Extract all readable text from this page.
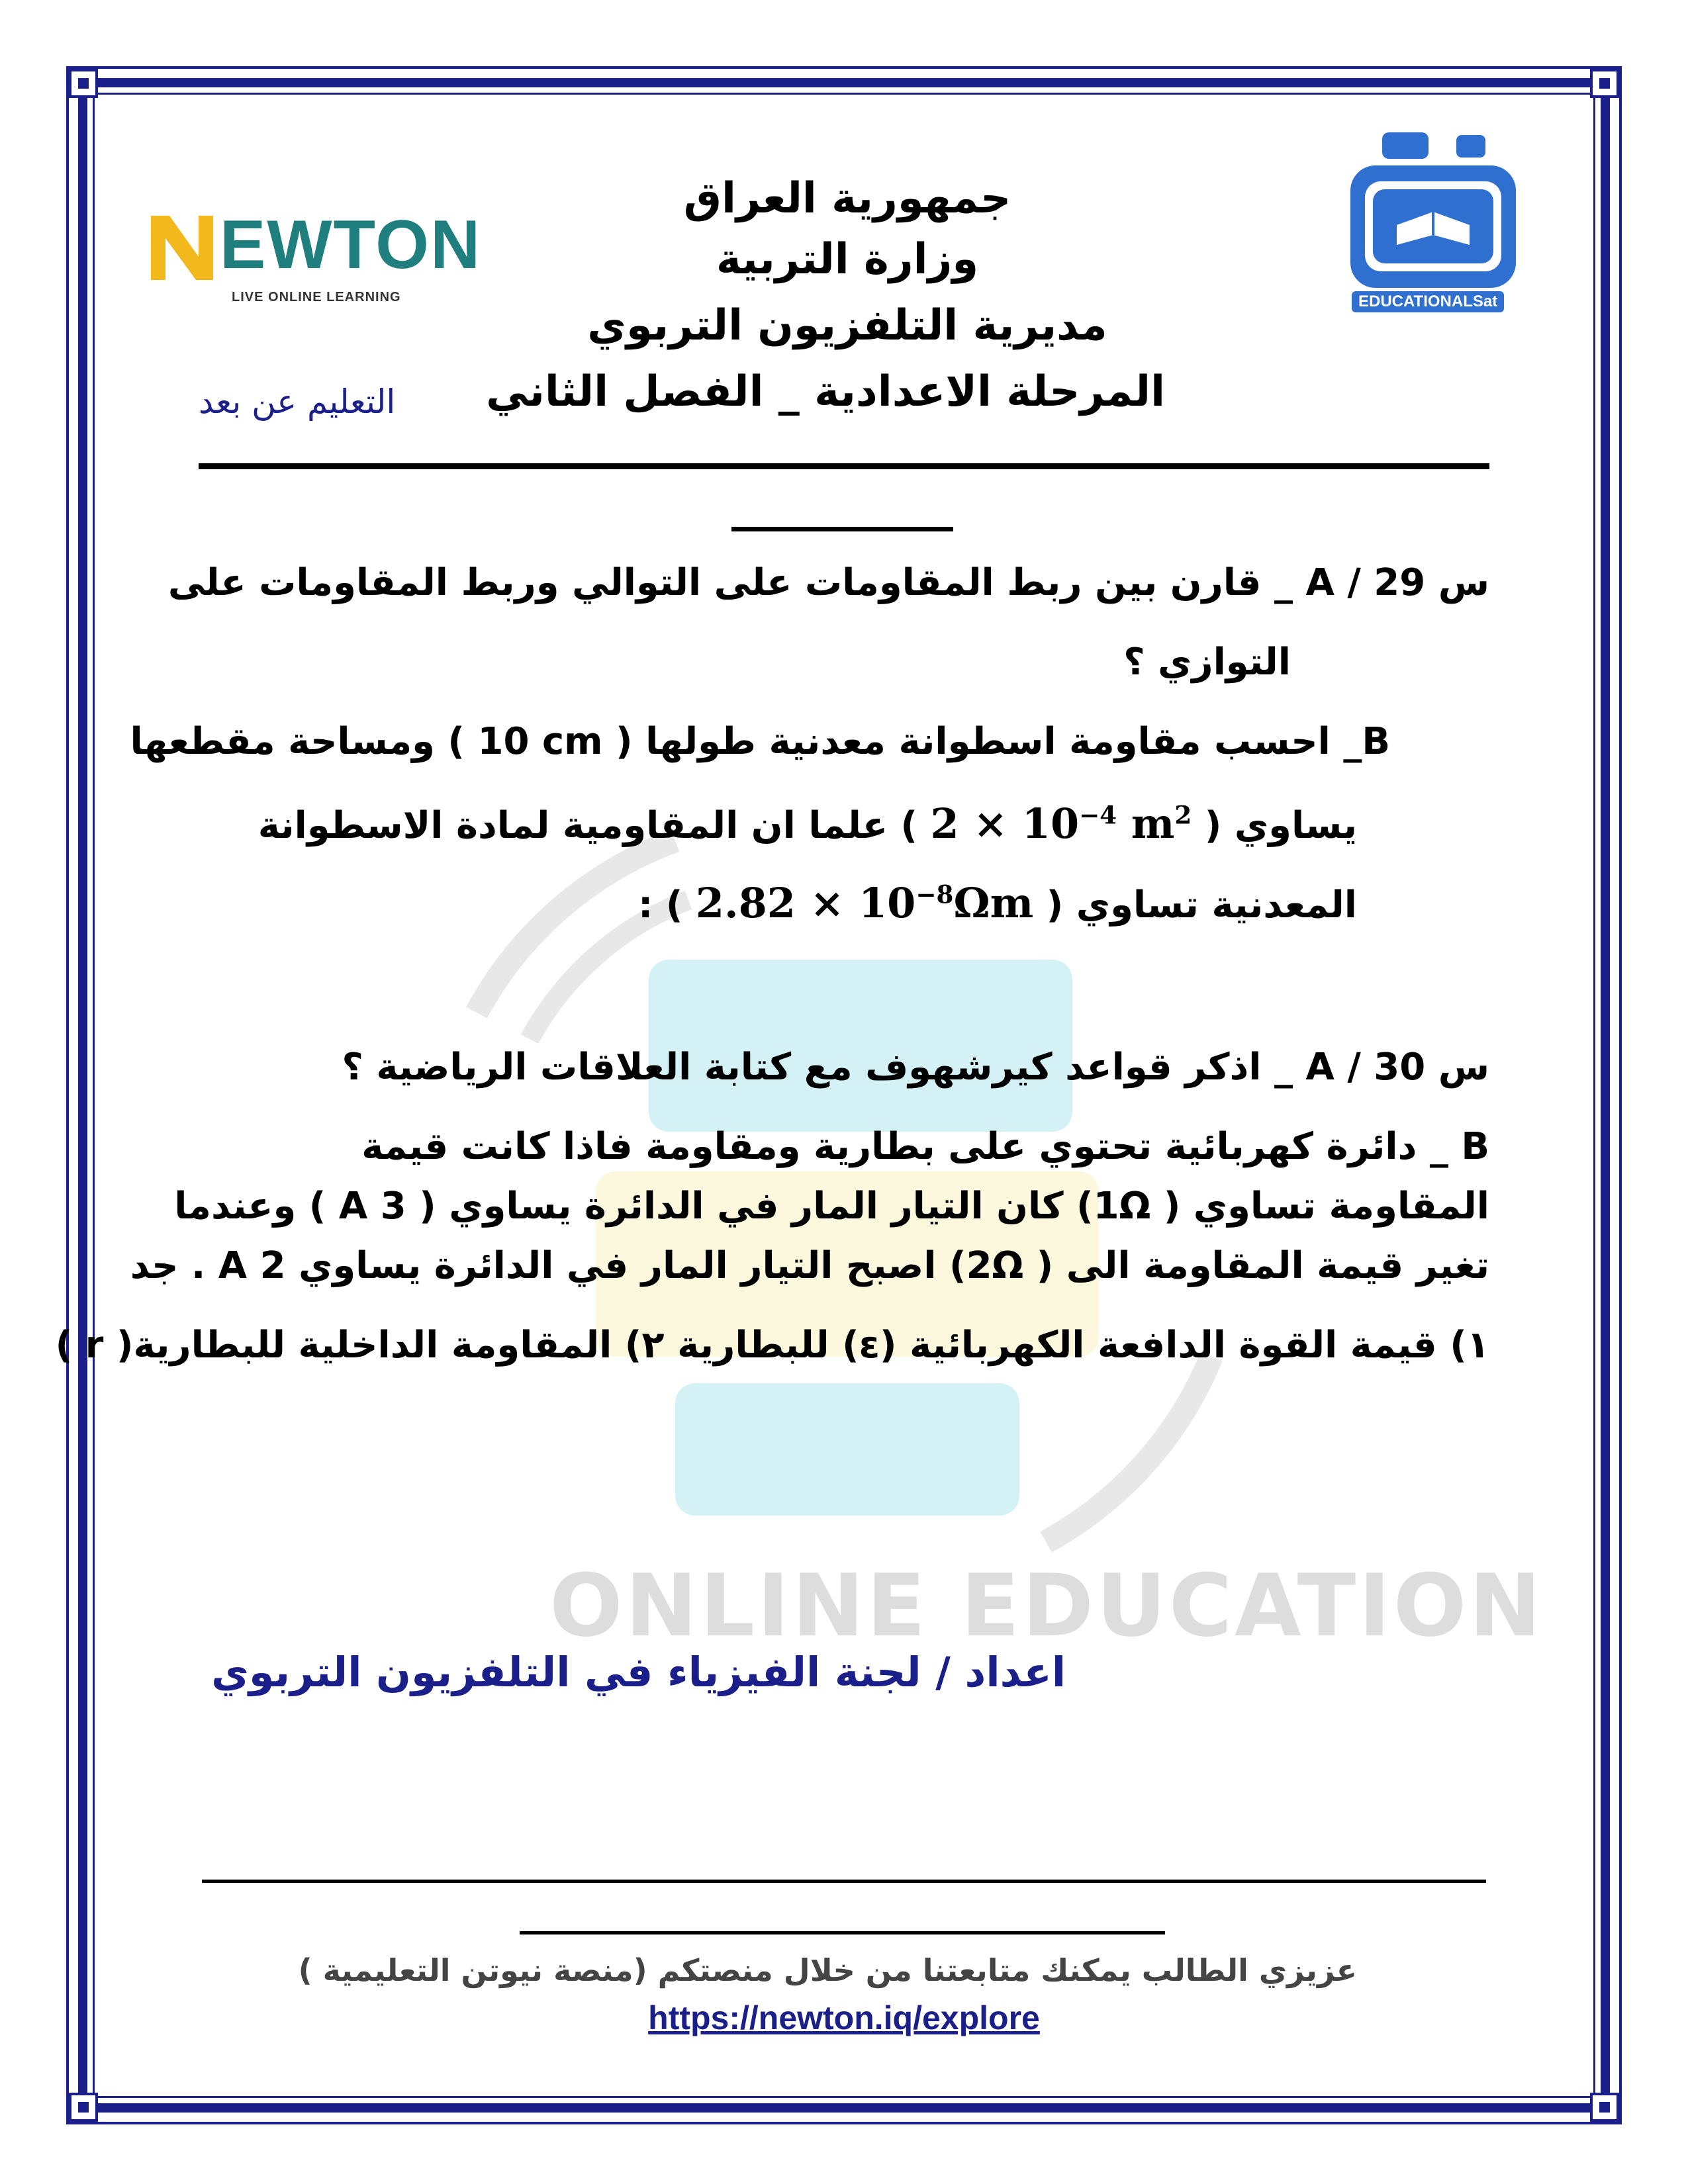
ONLINE EDUCATION
EWTON
LIVE ONLINE LEARNING	EDUCATIONALSat
جمهورية العراق
وزارة التربية
مديرية التلفزيون التربوي
المرحلة الاعدادية _ الفصل الثاني
التعليم عن بعد
س 29 / A _ قارن بين ربط المقاومات على التوالي وربط المقاومات على
التوازي ؟
B_ احسب مقاومة اسطوانة معدنية طولها ( 10 cm ) ومساحة مقطعها
يساوي ( $2 \times 10^{-4}$ $m^2$ ) علما ان المقاومية لمادة الاسطوانة
المعدنية تساوي ( $2.82 \times 10^{-8}\Omega m$ ) :
س 30 / A _ اذكر قواعد كيرشهوف مع كتابة العلاقات الرياضية ؟
B _ دائرة كهربائية تحتوي على بطارية ومقاومة فاذا كانت قيمة
المقاومة تساوي ( 1Ω) كان التيار المار في الدائرة يساوي ( 3 A ) وعندما
تغير قيمة المقاومة الى ( 2Ω) اصبح التيار المار في الدائرة يساوي 2 A . جد
١) قيمة القوة الدافعة الكهربائية (ε) للبطارية ٢) المقاومة الداخلية للبطارية( r )
اعداد / لجنة الفيزياء في التلفزيون التربوي
عزيزي الطالب يمكنك متابعتنا من خلال منصتكم (منصة نيوتن التعليمية )
https://newton.iq/explore
